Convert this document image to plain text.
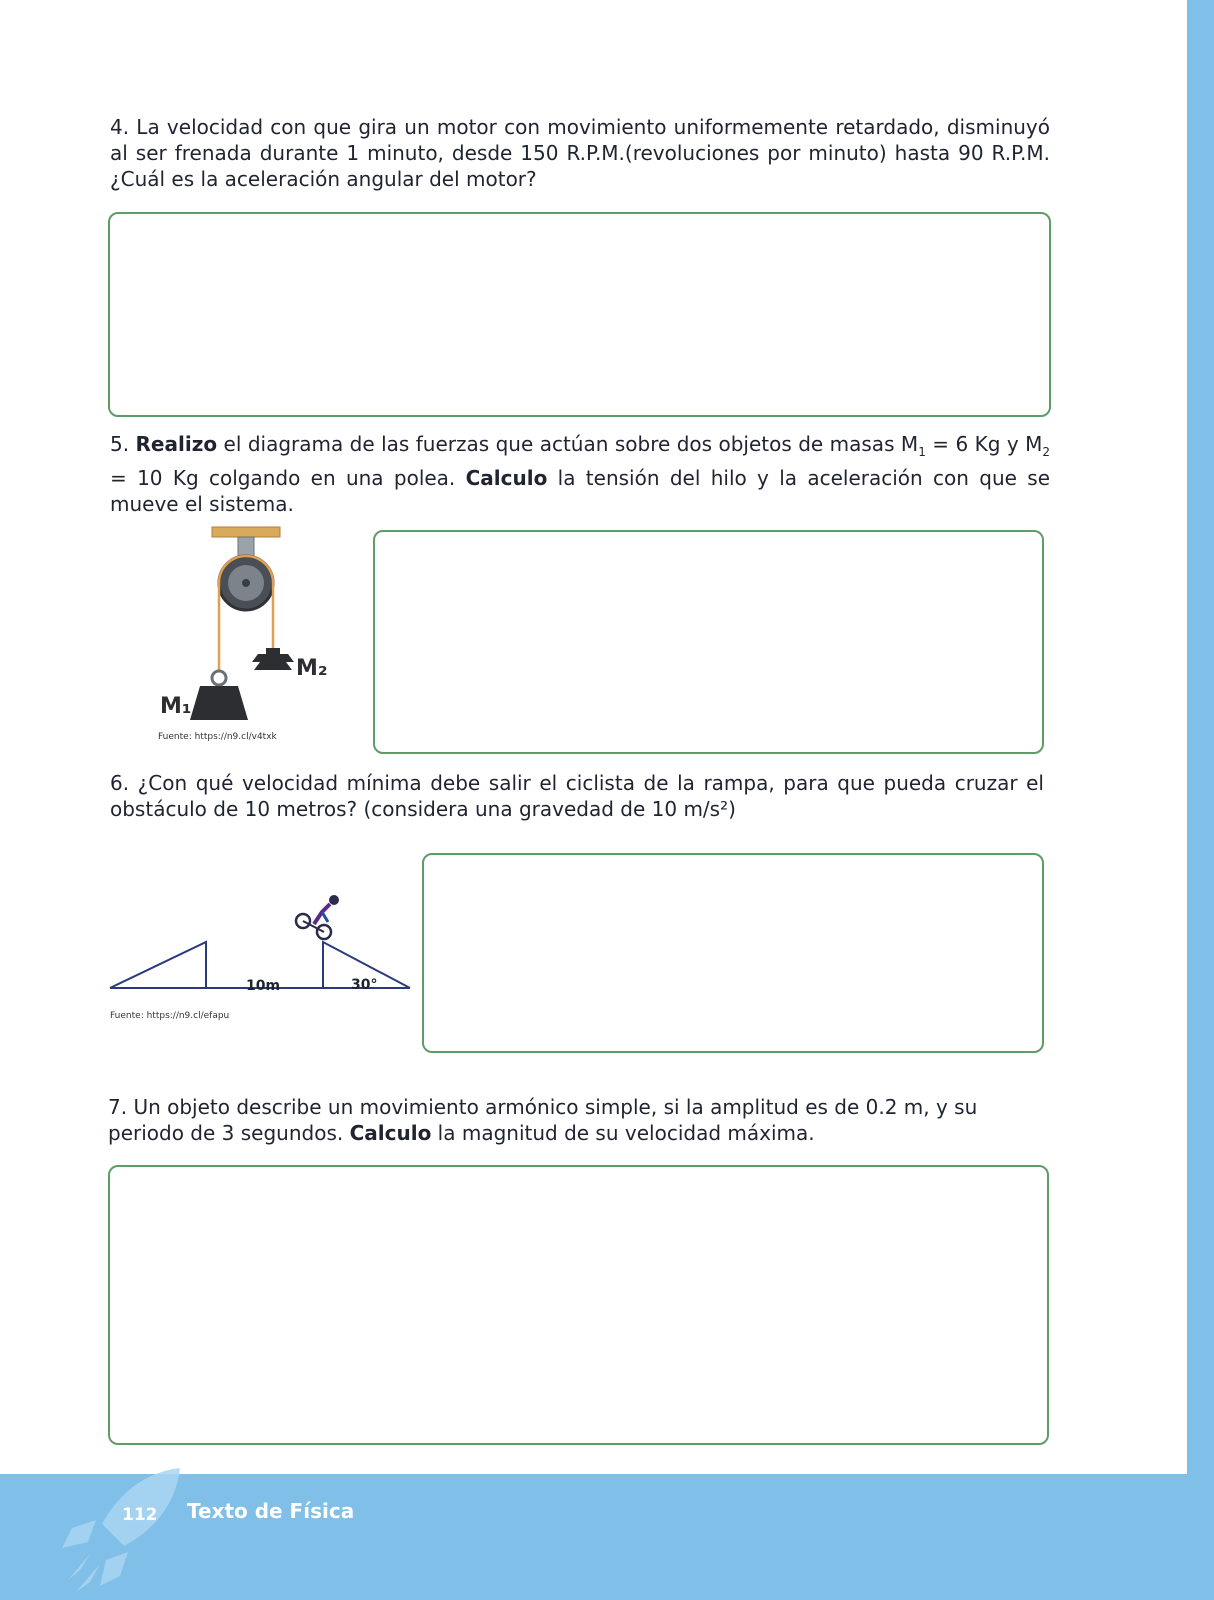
4. La velocidad con que gira un motor con movimiento uniformemente retardado, disminuyó al ser frenada durante 1 minuto, desde 150 R.P.M.(revoluciones por minuto) hasta 90 R.P.M. ¿Cuál es la aceleración angular del motor?

5. Realizo el diagrama de las fuerzas que actúan sobre dos objetos de masas $M_1 = 6$ Kg y $M_2 = 10$ Kg colgando en una polea. Calculo la tensión del hilo y la aceleración con que se mueve el sistema.

M₂
M₁
Fuente: https://n9.cl/v4txk

6. ¿Con qué velocidad mínima debe salir el ciclista de la rampa, para que pueda cruzar el obstáculo de 10 metros? (considera una gravedad de 10 m/s²)

10m	30°
Fuente: https://n9.cl/efapu

7. Un objeto describe un movimiento armónico simple, si la amplitud es de 0.2 m, y su periodo de 3 segundos. Calculo la magnitud de su velocidad máxima.

112 Texto de Física
